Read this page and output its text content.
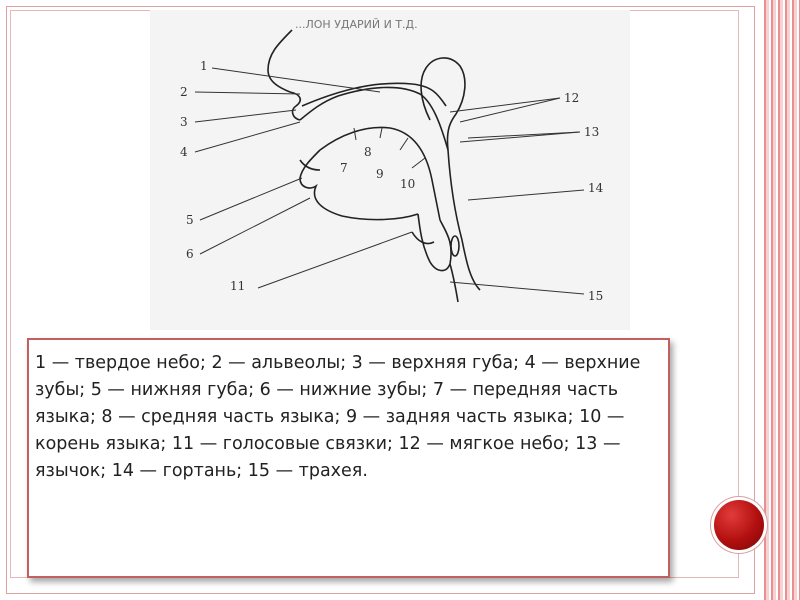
...ЛОН УДАРИЙ И Т.Д.
1
2
3
4
5
6
7
8
9
10
11
12
13
14
15

1 — твердое небо; 2 — альвеолы; 3 — верхняя губа; 4 — верхние зубы; 5 — нижняя губа; 6 — нижние зубы; 7 — передняя часть языка; 8 — средняя часть языка; 9 — задняя часть языка; 10 — корень языка; 11 — голосовые связки; 12 — мягкое небо; 13 — язычок; 14 — гортань; 15 — трахея.
